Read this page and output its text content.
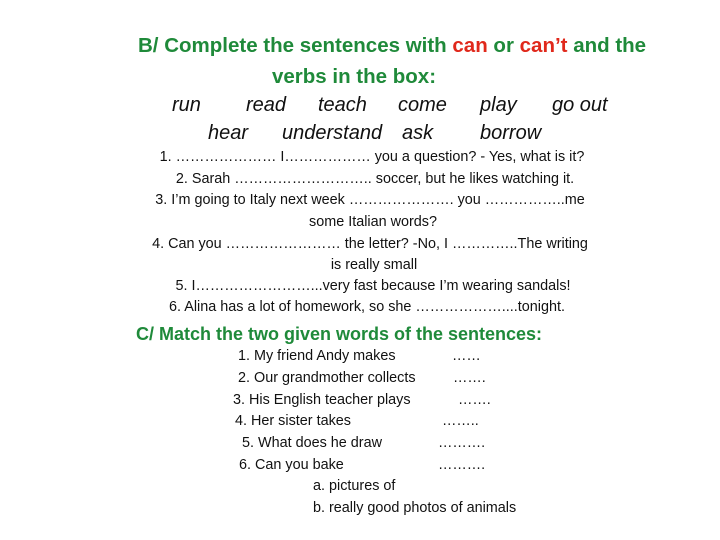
B/ Complete the sentences with can or can’t and the
verbs in the box:
run read teach come play go out
hear understand ask borrow
1. ………………… I……………… you a question? - Yes, what is it?
2. Sarah ……………………….. soccer, but he likes watching it.
3. I’m going to Italy next week …………………. you ……………..me
some Italian words?
4. Can you …………………… the letter? -No, I …………..The writing
is really small
5. I……………………...very fast because I’m wearing sandals!
6. Alina has a lot of homework, so she ………………....tonight.
C/ Match the two given words of the sentences:
1. My friend Andy makes	……
2. Our grandmother collects	…….
3. His English teacher plays	…….
4. Her sister takes	……..
5. What does he draw	……….
6. Can you bake	……….
a. pictures of
b. really good photos of animals
